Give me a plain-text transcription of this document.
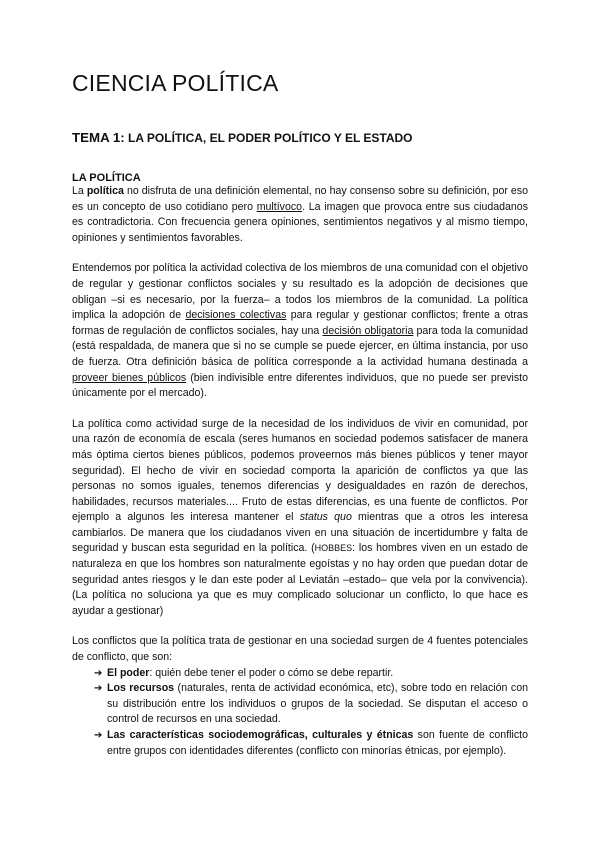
CIENCIA POLÍTICA
TEMA 1: LA POLÍTICA, EL PODER POLÍTICO Y EL ESTADO
LA POLÍTICA

La política no disfruta de una definición elemental, no hay consenso sobre su definición, por eso es un concepto de uso cotidiano pero multívoco. La imagen que provoca entre sus ciudadanos es contradictoria. Con frecuencia genera opiniones, sentimientos negativos y al mismo tiempo, opiniones y sentimientos favorables.

Entendemos por política la actividad colectiva de los miembros de una comunidad con el objetivo de regular y gestionar conflictos sociales y su resultado es la adopción de decisiones que obligan –si es necesario, por la fuerza– a todos los miembros de la comunidad. La política implica la adopción de decisiones colectivas para regular y gestionar conflictos; frente a otras formas de regulación de conflictos sociales, hay una decisión obligatoria para toda la comunidad (está respaldada, de manera que si no se cumple se puede ejercer, en última instancia, por uso de fuerza. Otra definición básica de política corresponde a la actividad humana destinada a proveer bienes públicos (bien indivisible entre diferentes individuos, que no puede ser previsto únicamente por el mercado).

La política como actividad surge de la necesidad de los individuos de vivir en comunidad, por una razón de economía de escala (seres humanos en sociedad podemos satisfacer de manera más óptima ciertos bienes públicos, podemos proveernos más bienes públicos y tener mayor seguridad). El hecho de vivir en sociedad comporta la aparición de conflictos ya que las personas no somos iguales, tenemos diferencias y desigualdades en razón de derechos, habilidades, recursos materiales.... Fruto de estas diferencias, es una fuente de conflictos. Por ejemplo a algunos les interesa mantener el status quo mientras que a otros les interesa cambiarlos. De manera que los ciudadanos viven en una situación de incertidumbre y falta de seguridad y buscan esta seguridad en la política. (HOBBES: los hombres viven en un estado de naturaleza en que los hombres son naturalmente egoístas y no hay orden que puedan dotar de seguridad antes riesgos y le dan este poder al Leviatán –estado– que vela por la convivencia). (La política no soluciona ya que es muy complicado solucionar un conflicto, lo que hace es ayudar a gestionar)

Los conflictos que la política trata de gestionar en una sociedad surgen de 4 fuentes potenciales de conflicto, que son:

➔ El poder: quién debe tener el poder o cómo se debe repartir.
➔ Los recursos (naturales, renta de actividad económica, etc), sobre todo en relación con su distribución entre los individuos o grupos de la sociedad. Se disputan el acceso o control de recursos en una sociedad.
➔ Las características sociodemográficas, culturales y étnicas son fuente de conflicto entre grupos con identidades diferentes (conflicto con minorías étnicas, por ejemplo).
